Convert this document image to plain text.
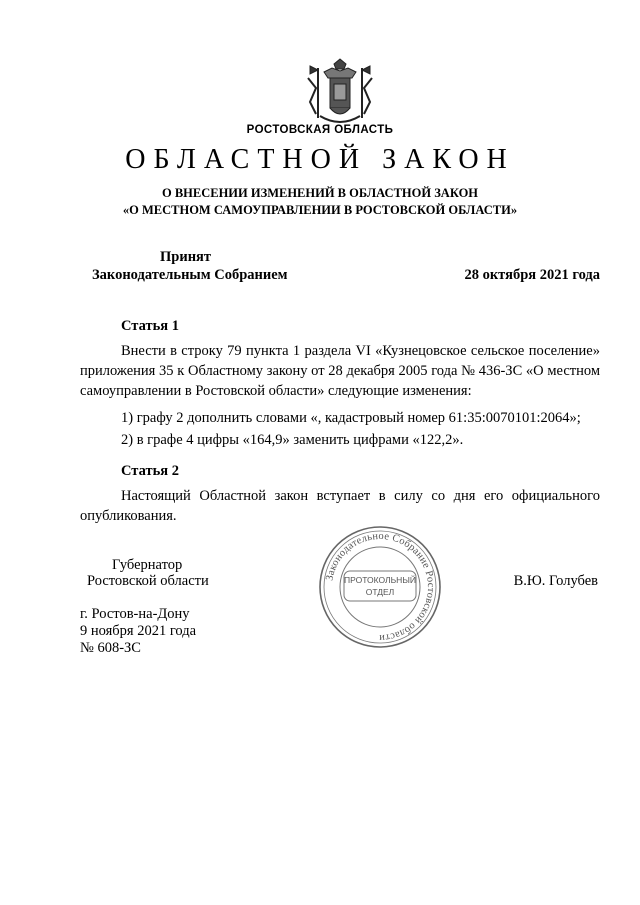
РОСТОВСКАЯ ОБЛАСТЬ
ОБЛАСТНОЙ ЗАКОН
О ВНЕСЕНИИ ИЗМЕНЕНИЙ В ОБЛАСТНОЙ ЗАКОН
«О МЕСТНОМ САМОУПРАВЛЕНИИ В РОСТОВСКОЙ ОБЛАСТИ»
Принят
Законодательным Собранием	28 октября 2021 года
Статья 1

Внести в строку 79 пункта 1 раздела VI «Кузнецовское сельское поселение» приложения 35 к Областному закону от 28 декабря 2005 года № 436-ЗС «О местном самоуправлении в Ростовской области» следующие изменения:

1) графу 2 дополнить словами «, кадастровый номер 61:35:0070101:2064»;
2) в графе 4 цифры «164,9» заменить цифрами «122,2».
Статья 2

Настоящий Областной закон вступает в силу со дня его официального опубликования.

Губернатор
Ростовской области	В.Ю. Голубев
Законодательное Собрание Ростовской области
ПРОТОКОЛЬНЫЙ
ОТДЕЛ
г. Ростов-на-Дону
9 ноября 2021 года
№ 608-ЗС
